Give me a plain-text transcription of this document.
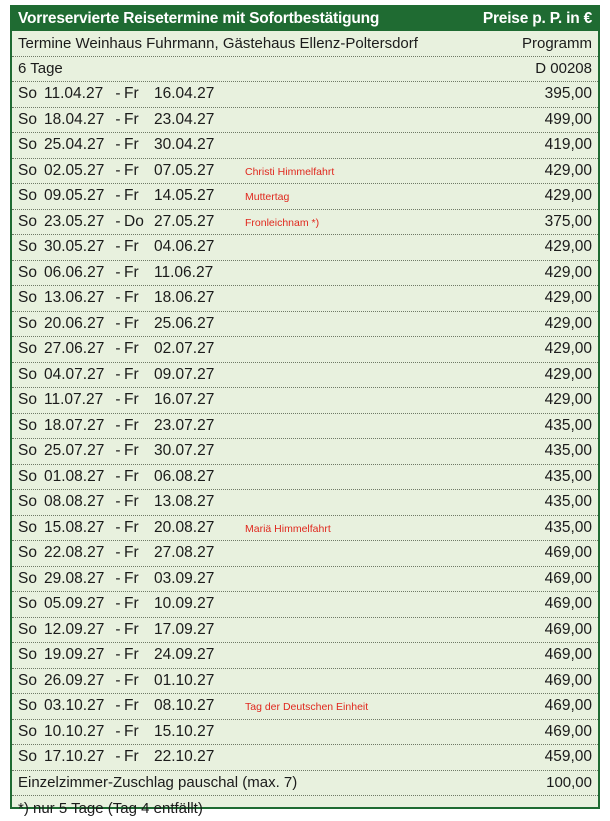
Vorreservierte Reisetermine mit Sofortbestätigung	Preise p. P. in €
Termine Weinhaus Fuhrmann, Gästehaus Ellenz-Poltersdorf	Programm
6 Tage	D 00208
So 11.04.27 - Fr 16.04.27	395,00
So 18.04.27 - Fr 23.04.27	499,00
So 25.04.27 - Fr 30.04.27	419,00
So 02.05.27 - Fr 07.05.27	Christi Himmelfahrt	429,00
So 09.05.27 - Fr 14.05.27	Muttertag	429,00
So 23.05.27 - Do 27.05.27	Fronleichnam *)	375,00
So 30.05.27 - Fr 04.06.27	429,00
So 06.06.27 - Fr 11.06.27	429,00
So 13.06.27 - Fr 18.06.27	429,00
So 20.06.27 - Fr 25.06.27	429,00
So 27.06.27 - Fr 02.07.27	429,00
So 04.07.27 - Fr 09.07.27	429,00
So 11.07.27 - Fr 16.07.27	429,00
So 18.07.27 - Fr 23.07.27	435,00
So 25.07.27 - Fr 30.07.27	435,00
So 01.08.27 - Fr 06.08.27	435,00
So 08.08.27 - Fr 13.08.27	435,00
So 15.08.27 - Fr 20.08.27	Mariä Himmelfahrt	435,00
So 22.08.27 - Fr 27.08.27	469,00
So 29.08.27 - Fr 03.09.27	469,00
So 05.09.27 - Fr 10.09.27	469,00
So 12.09.27 - Fr 17.09.27	469,00
So 19.09.27 - Fr 24.09.27	469,00
So 26.09.27 - Fr 01.10.27	469,00
So 03.10.27 - Fr 08.10.27	Tag der Deutschen Einheit	469,00
So 10.10.27 - Fr 15.10.27	469,00
So 17.10.27 - Fr 22.10.27	459,00
Einzelzimmer-Zuschlag pauschal (max. 7)	100,00
*) nur 5 Tage (Tag 4 entfällt)
